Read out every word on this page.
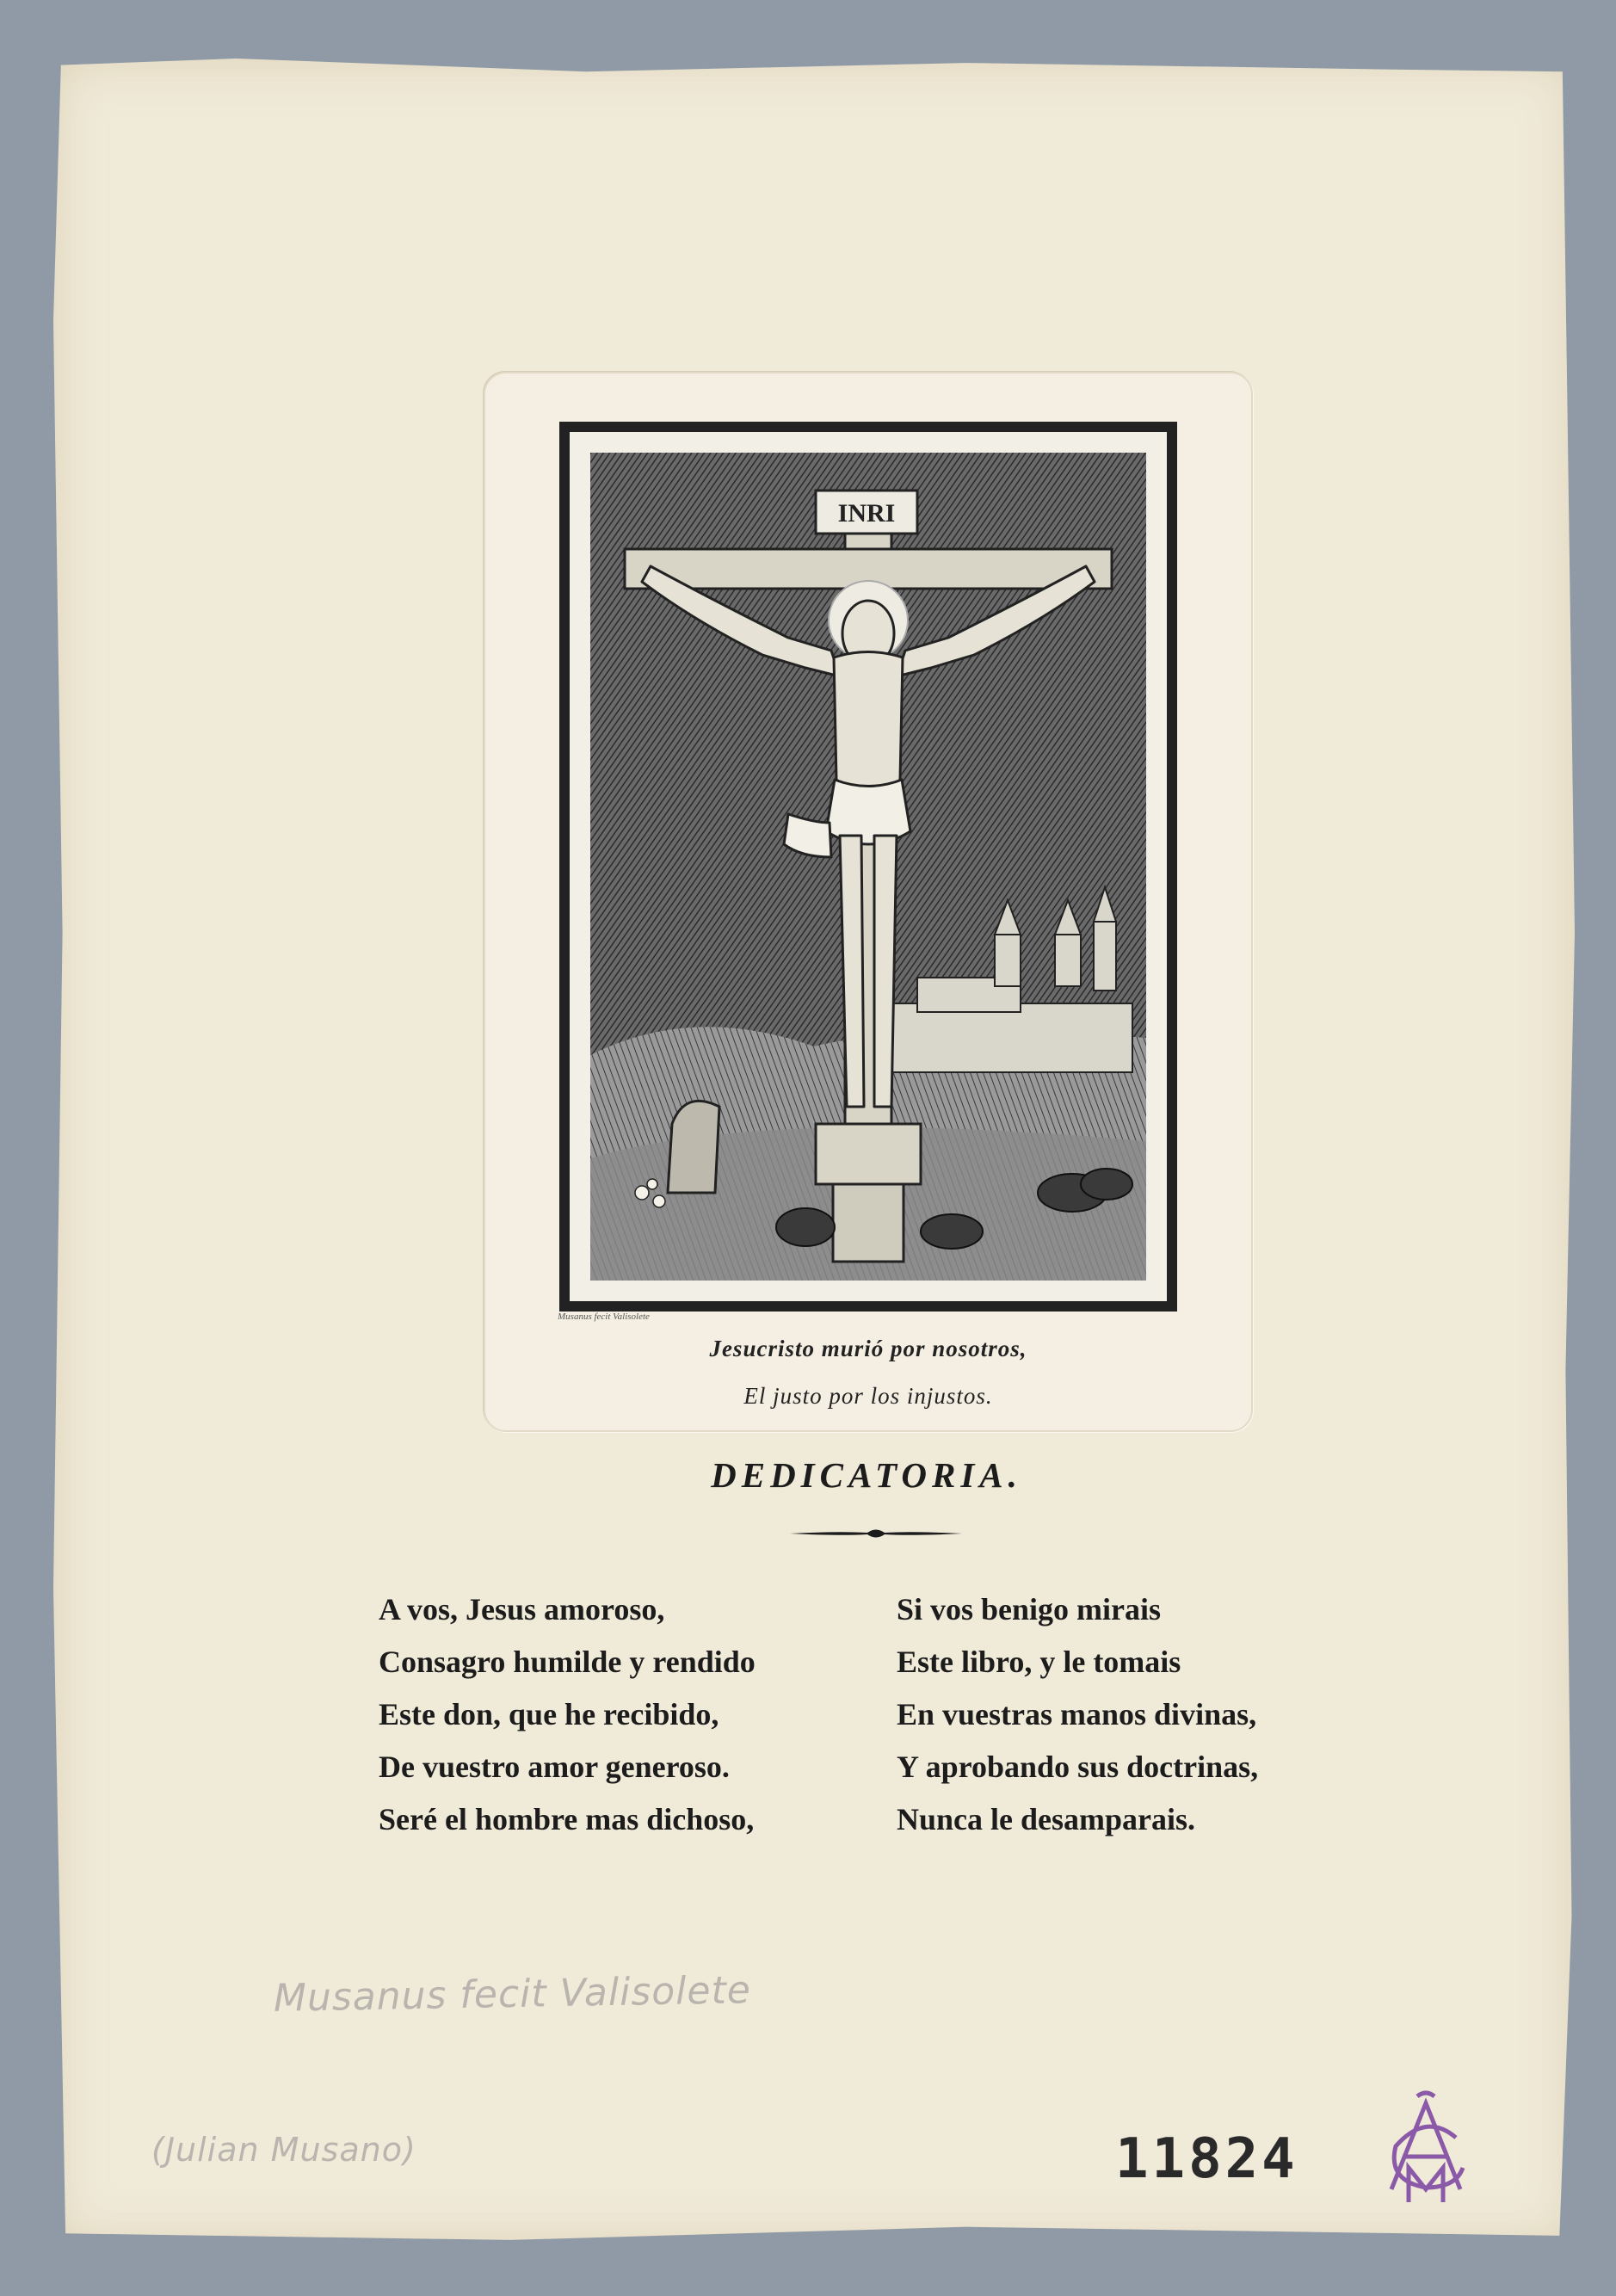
INRI
Musanus fecit Valisolete
Jesucristo murió por nosotros,
El justo por los injustos.
DEDICATORIA.
A vos, Jesus amoroso,
Consagro humilde y rendido
Este don, que he recibido,
De vuestro amor generoso.
Seré el hombre mas dichoso,
Si vos benigo mirais
Este libro, y le tomais
En vuestras manos divinas,
Y aprobando sus doctrinas,
Nunca le desamparais.
Musanus fecit Valisolete
(Julian Musano)	11824
